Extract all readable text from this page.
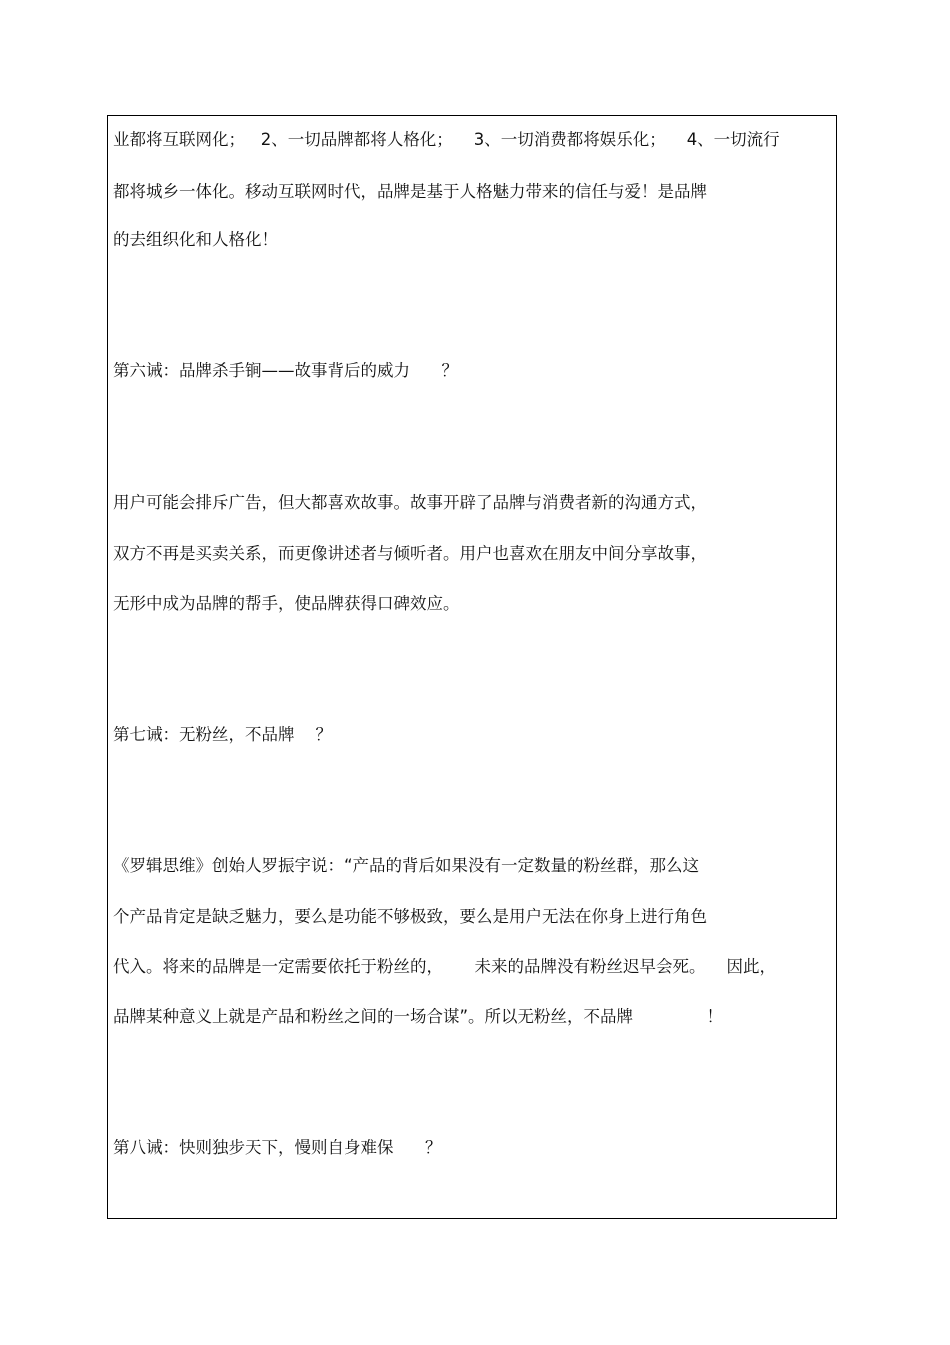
业都将互联网化；   2、一切品牌都将人格化；    3、一切消费都将娱乐化；    4、一切流行
都将城乡一体化。移动互联网时代，品牌是基于人格魅力带来的信任与爱！是品牌
的去组织化和人格化！
第六诫：品牌杀手锏——故事背后的威力      ？
用户可能会排斥广告，但大都喜欢故事。故事开辟了品牌与消费者新的沟通方式，
双方不再是买卖关系，而更像讲述者与倾听者。用户也喜欢在朋友中间分享故事，
无形中成为品牌的帮手，使品牌获得口碑效应。
第七诫：无粉丝，不品牌    ？
《罗辑思维》创始人罗振宇说：“产品的背后如果没有一定数量的粉丝群，那么这
个产品肯定是缺乏魅力，要么是功能不够极致，要么是用户无法在你身上进行角色
代入。将来的品牌是一定需要依托于粉丝的，      未来的品牌没有粉丝迟早会死。    因此，
品牌某种意义上就是产品和粉丝之间的一场合谋”。所以无粉丝，不品牌              ！
第八诫：快则独步天下，慢则自身难保      ？
